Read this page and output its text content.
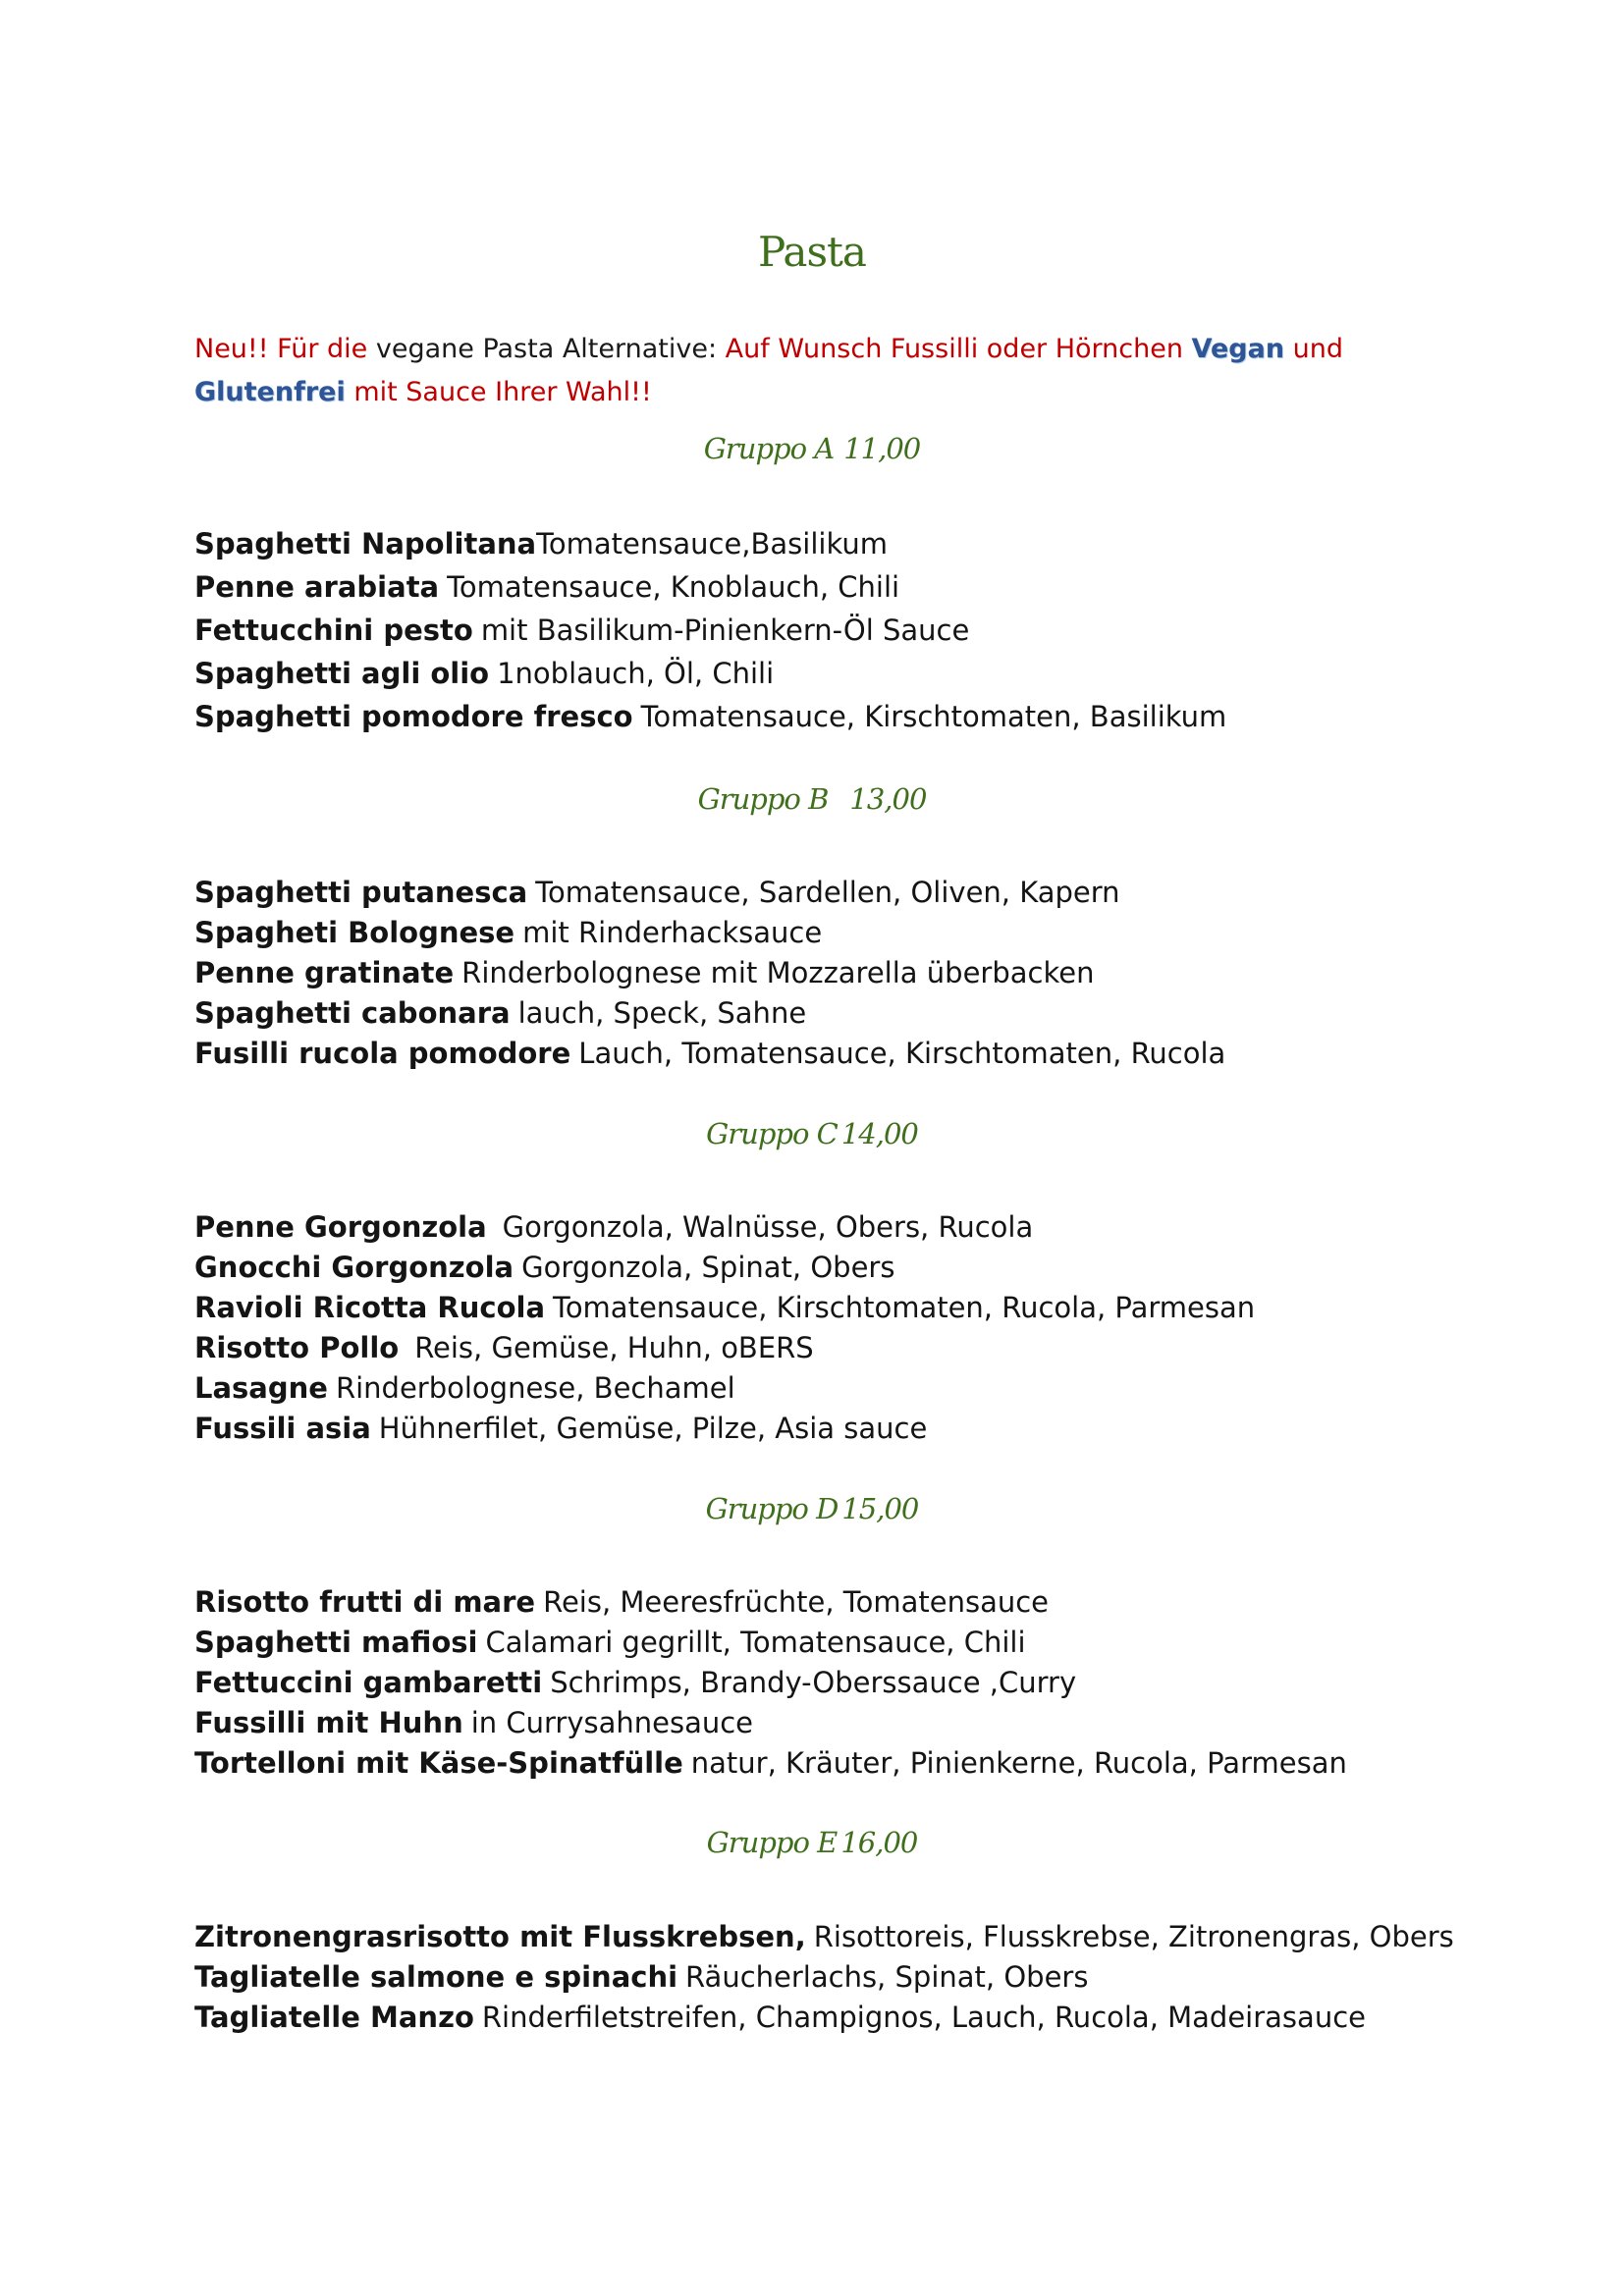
Pasta
Neu!! Für die vegane Pasta Alternative: Auf Wunsch Fussilli oder Hörnchen Vegan und Glutenfrei mit Sauce Ihrer Wahl!!
Gruppo A 11,00
Spaghetti NapolitanaTomatensauce,Basilikum
Penne arabiata Tomatensauce, Knoblauch, Chili
Fettucchini pesto mit Basilikum-Pinienkern-Öl Sauce
Spaghetti agli olio 1noblauch, Öl, Chili
Spaghetti pomodore fresco Tomatensauce, Kirschtomaten, Basilikum
Gruppo B 13,00
Spaghetti putanesca Tomatensauce, Sardellen, Oliven, Kapern
Spagheti Bolognese mit Rinderhacksauce
Penne gratinate Rinderbolognese mit Mozzarella überbacken
Spaghetti cabonara lauch, Speck, Sahne
Fusilli rucola pomodore Lauch, Tomatensauce, Kirschtomaten, Rucola
Gruppo C 14,00
Penne Gorgonzola Gorgonzola, Walnüsse, Obers, Rucola
Gnocchi Gorgonzola Gorgonzola, Spinat, Obers
Ravioli Ricotta Rucola Tomatensauce, Kirschtomaten, Rucola, Parmesan
Risotto Pollo Reis, Gemüse, Huhn, oBERS
Lasagne Rinderbolognese, Bechamel
Fussili asia Hühnerfilet, Gemüse, Pilze, Asia sauce
Gruppo D 15,00
Risotto frutti di mare Reis, Meeresfrüchte, Tomatensauce
Spaghetti mafiosi Calamari gegrillt, Tomatensauce, Chili
Fettuccini gambaretti Schrimps, Brandy-Oberssauce ,Curry
Fussilli mit Huhn in Currysahnesauce
Tortelloni mit Käse-Spinatfülle natur, Kräuter, Pinienkerne, Rucola, Parmesan
Gruppo E 16,00
Zitronengrasrisotto mit Flusskrebsen, Risottoreis, Flusskrebse, Zitronengras, Obers
Tagliatelle salmone e spinachi Räucherlachs, Spinat, Obers
Tagliatelle Manzo Rinderfiletstreifen, Champignos, Lauch, Rucola, Madeirasauce
